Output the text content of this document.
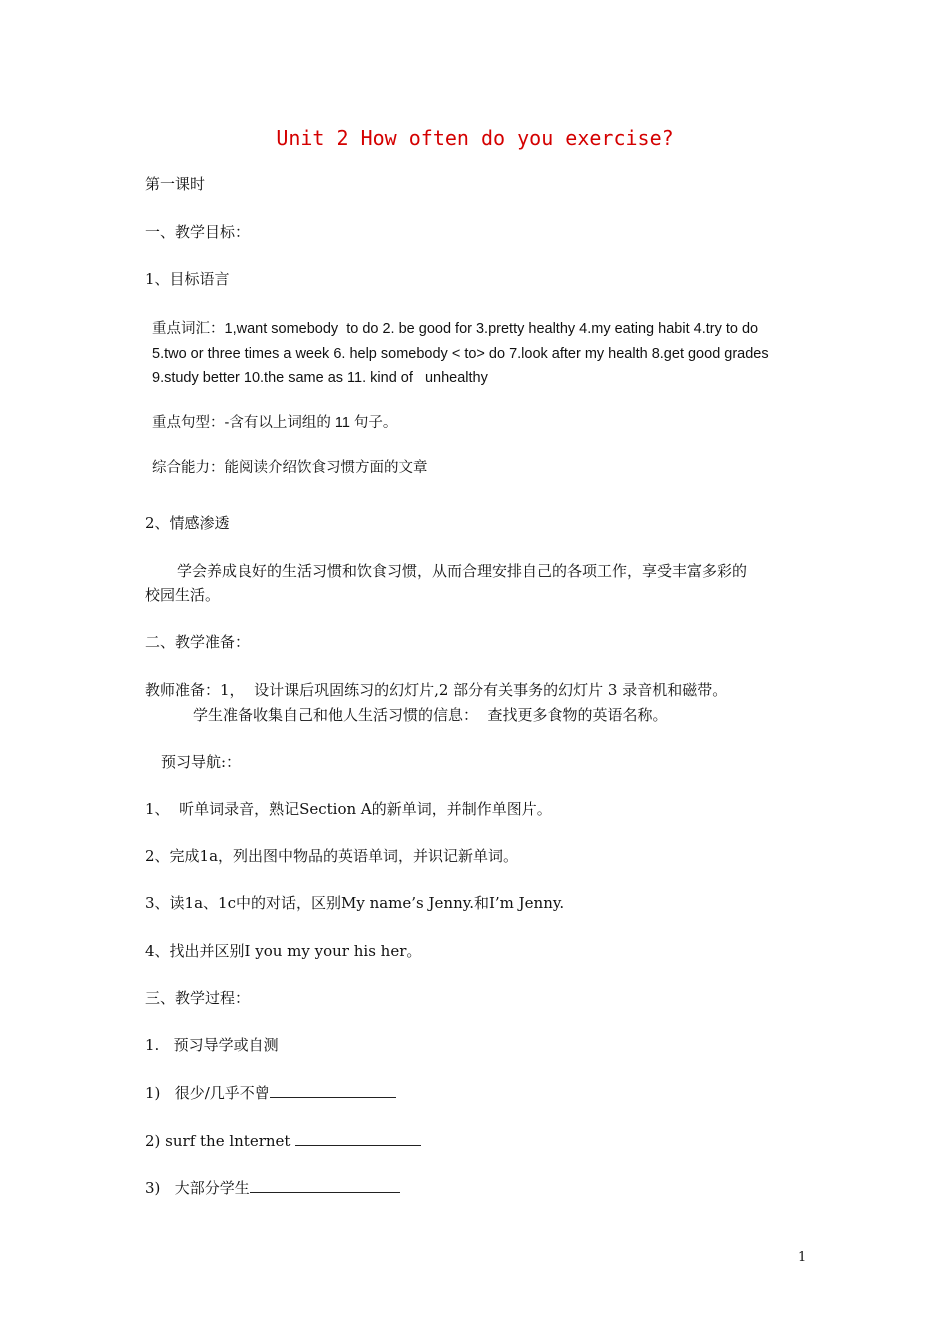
Unit 2 How often do you exercise?
第一课时
一、教学目标：
1、目标语言
重点词汇：1,want somebody  to do 2. be good for 3.pretty healthy 4.my eating habit 4.try to do
5.two or three times a week 6. help somebody < to> do 7.look after my health 8.get good grades
9.study better 10.the same as 11. kind of   unhealthy
重点句型：-含有以上词组的 11 句子。
综合能力：能阅读介绍饮食习惯方面的文章
2、情感渗透
学会养成良好的生活习惯和饮食习惯，从而合理安排自己的各项工作，享受丰富多彩的
校园生活。
二、教学准备：
教师准备：1，  设计课后巩固练习的幻灯片,2 部分有关事务的幻灯片 3 录音机和磁带。
学生准备收集自己和他人生活习惯的信息：  查找更多食物的英语名称。
预习导航:：
1、  听单词录音，熟记Section A的新单词，并制作单图片。
2、完成1a，列出图中物品的英语单词，并识记新单词。
3、读1a、1c中的对话，区别My name’s Jenny.和I’m Jenny.
4、找出并区别I you my your his her。
三、教学过程：
1.   预习导学或自测
1)   很少/几乎不曾
2) surf the lnternet
3)   大部分学生
1
